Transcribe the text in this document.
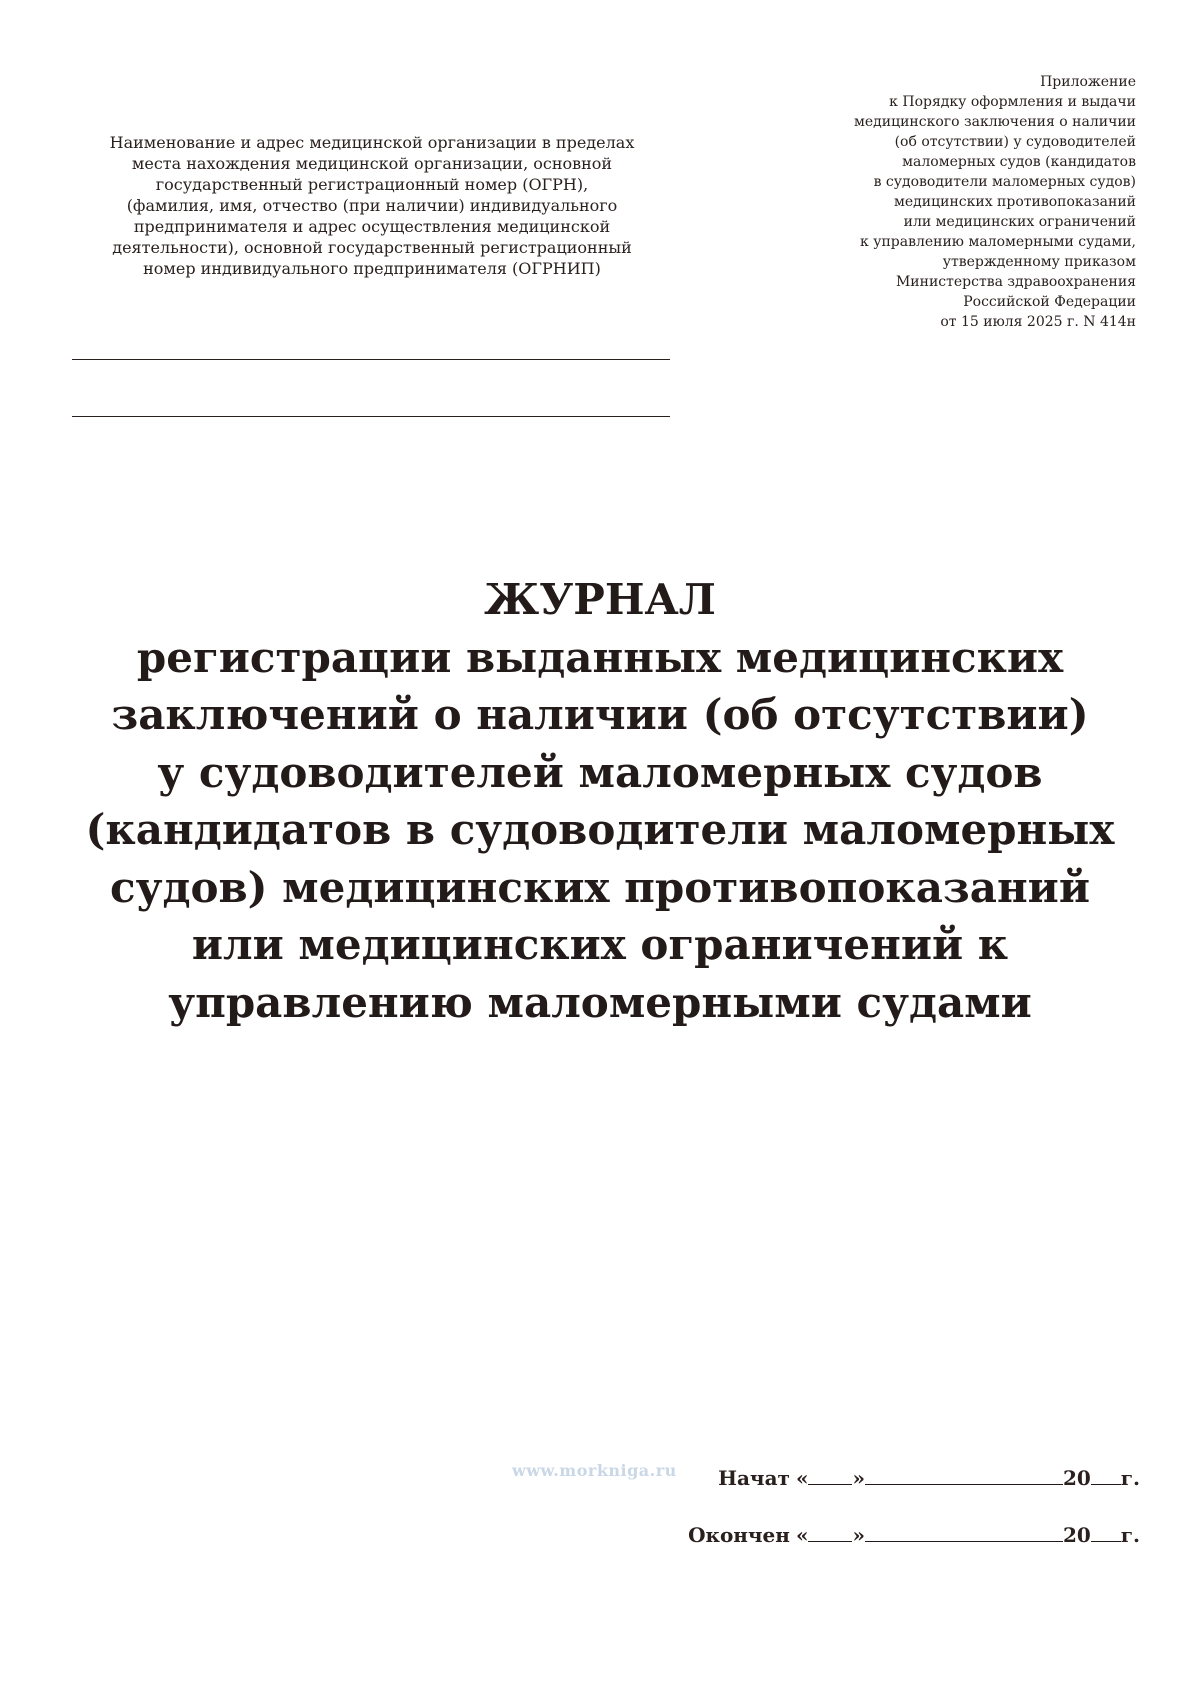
Наименование и адрес медицинской организации в пределах
места нахождения медицинской организации, основной
государственный регистрационный номер (ОГРН),
(фамилия, имя, отчество (при наличии) индивидуального
предпринимателя и адрес осуществления медицинской
деятельности), основной государственный регистрационный
номер индивидуального предпринимателя (ОГРНИП)
Приложение
к Порядку оформления и выдачи
медицинского заключения о наличии
(об отсутствии) у судоводителей
маломерных судов (кандидатов
в судоводители маломерных судов)
медицинских противопоказаний
или медицинских ограничений
к управлению маломерными судами,
утвержденному приказом
Министерства здравоохранения
Российской Федерации
от 15 июля 2025 г. N 414н
ЖУРНАЛ
регистрации выданных медицинских
заключений о наличии (об отсутствии)
у судоводителей маломерных судов
(кандидатов в судоводители маломерных
судов) медицинских противопоказаний
или медицинских ограничений к
управлению маломерными судами
www.morkniga.ru Начат « »	20 г.
Окончен « »	20 г.
